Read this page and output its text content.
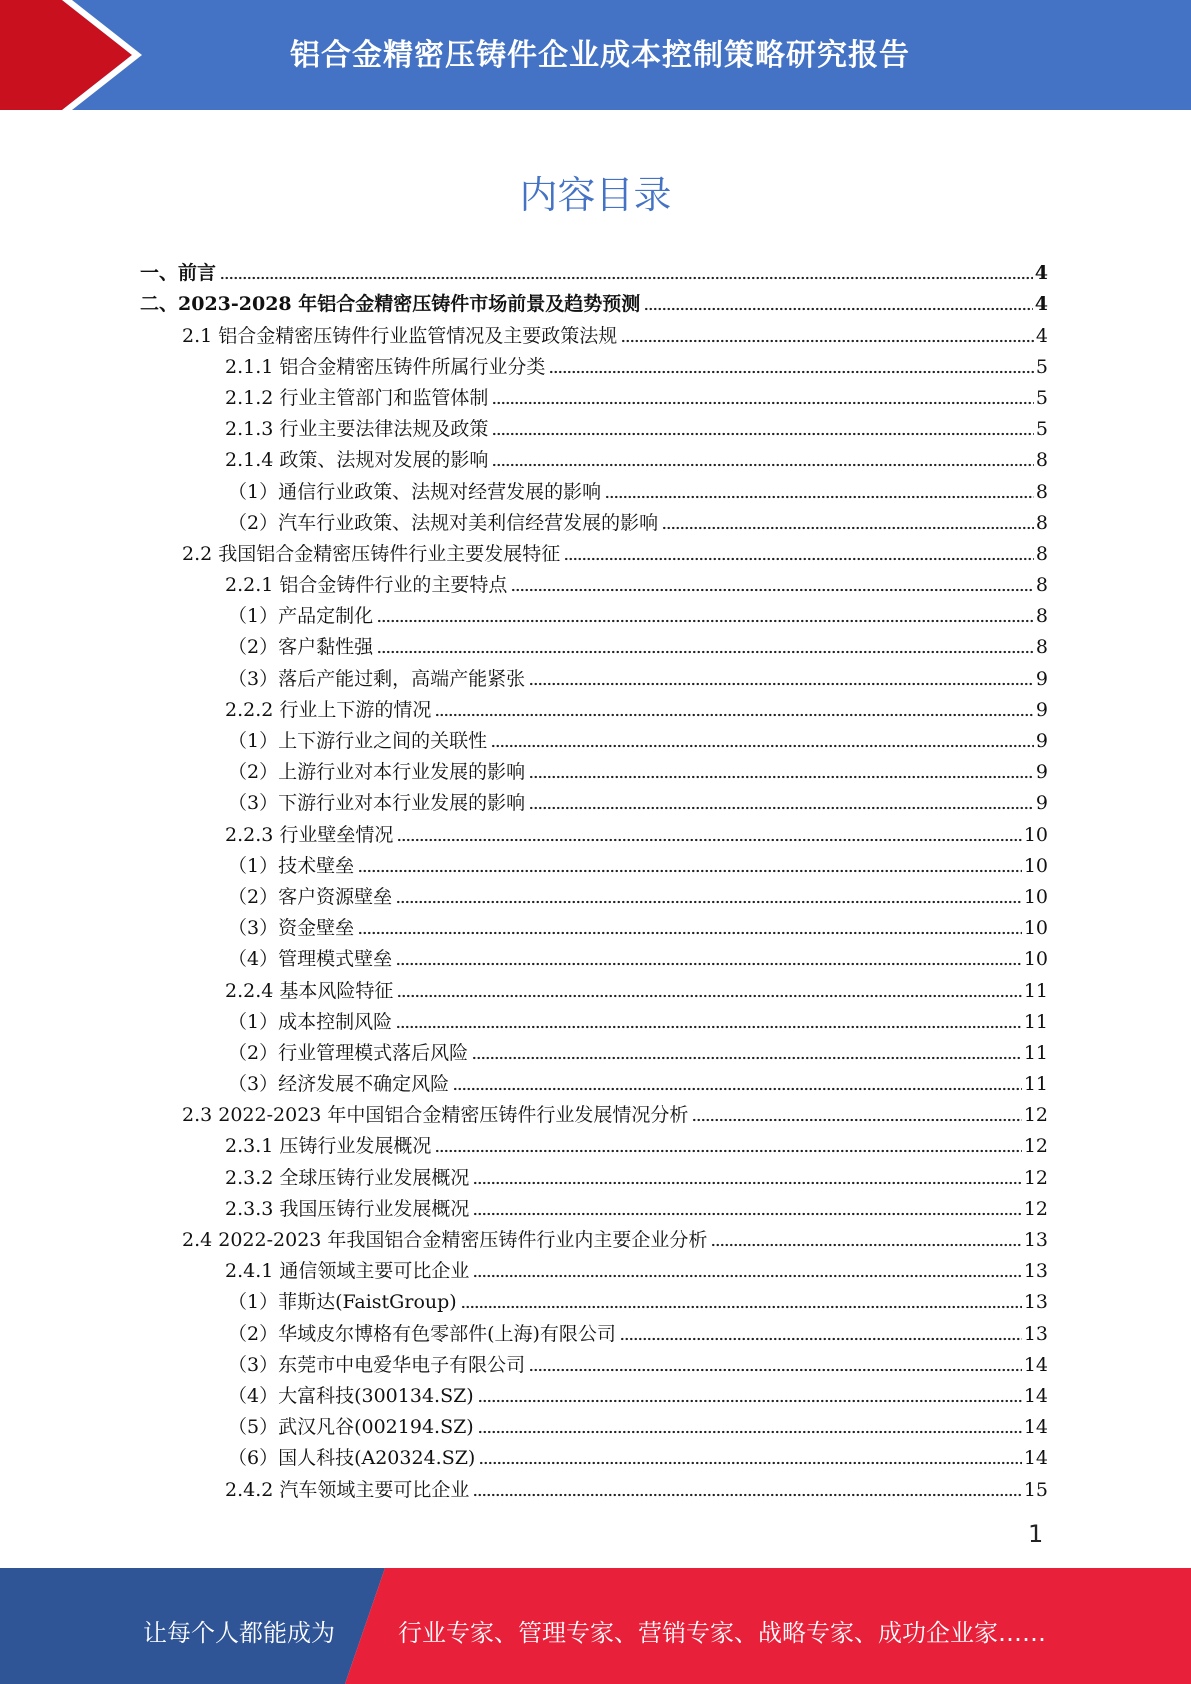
铝合金精密压铸件企业成本控制策略研究报告
内容目录
一、前言	4
二、2023-2028 年铝合金精密压铸件市场前景及趋势预测	4
2.1 铝合金精密压铸件行业监管情况及主要政策法规	4
2.1.1 铝合金精密压铸件所属行业分类	5
2.1.2 行业主管部门和监管体制	5
2.1.3 行业主要法律法规及政策	5
2.1.4 政策、法规对发展的影响	8
（1）通信行业政策、法规对经营发展的影响	8
（2）汽车行业政策、法规对美利信经营发展的影响	8
2.2 我国铝合金精密压铸件行业主要发展特征	8
2.2.1 铝合金铸件行业的主要特点	8
（1）产品定制化	8
（2）客户黏性强	8
（3）落后产能过剩，高端产能紧张	9
2.2.2 行业上下游的情况	9
（1）上下游行业之间的关联性	9
（2）上游行业对本行业发展的影响	9
（3）下游行业对本行业发展的影响	9
2.2.3 行业壁垒情况	10
（1）技术壁垒	10
（2）客户资源壁垒	10
（3）资金壁垒	10
（4）管理模式壁垒	10
2.2.4 基本风险特征	11
（1）成本控制风险	11
（2）行业管理模式落后风险	11
（3）经济发展不确定风险	11
2.3 2022-2023 年中国铝合金精密压铸件行业发展情况分析	12
2.3.1 压铸行业发展概况	12
2.3.2 全球压铸行业发展概况	12
2.3.3 我国压铸行业发展概况	12
2.4 2022-2023 年我国铝合金精密压铸件行业内主要企业分析	13
2.4.1 通信领域主要可比企业	13
（1）菲斯达(FaistGroup)	13
（2）华域皮尔博格有色零部件(上海)有限公司	13
（3）东莞市中电爱华电子有限公司	14
（4）大富科技(300134.SZ)	14
（5）武汉凡谷(002194.SZ)	14
（6）国人科技(A20324.SZ)	14
2.4.2 汽车领域主要可比企业	15
1
让每个人都能成为	行业专家、管理专家、营销专家、战略专家、成功企业家……
